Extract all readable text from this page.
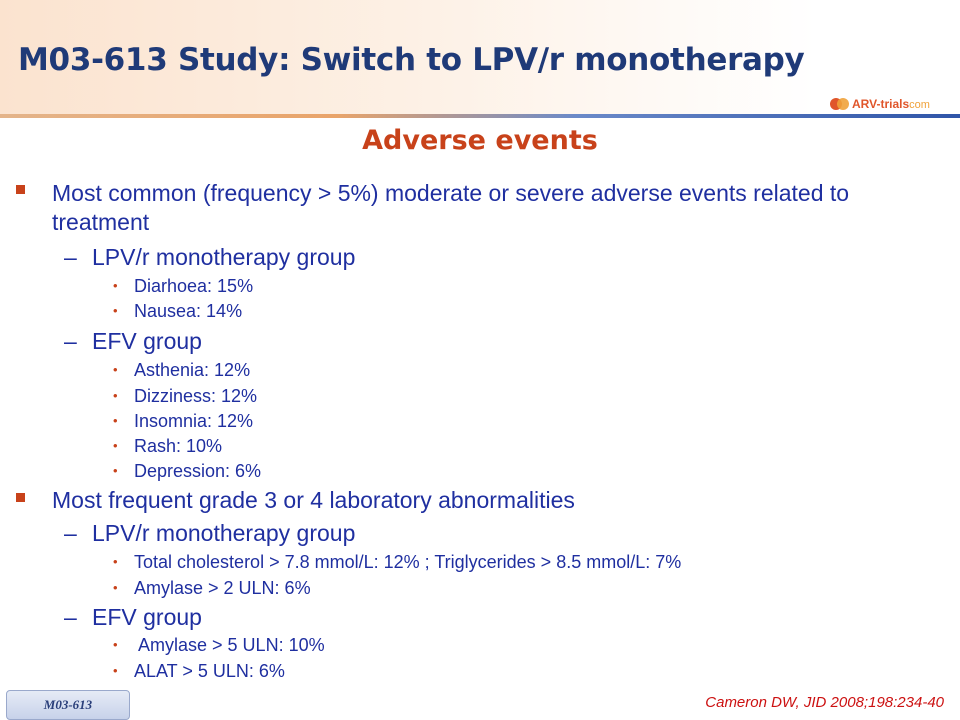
M03-613 Study: Switch to LPV/r monotherapy
ARV-trialscom
Adverse events
Most common (frequency > 5%) moderate or severe adverse events related to treatment
– LPV/r monotherapy group
• Diarhoea: 15%
• Nausea: 14%
– EFV group
• Asthenia: 12%
• Dizziness: 12%
• Insomnia: 12%
• Rash: 10%
• Depression: 6%
Most frequent grade 3 or 4 laboratory abnormalities
– LPV/r monotherapy group
• Total cholesterol > 7.8 mmol/L: 12% ; Triglycerides > 8.5 mmol/L: 7%
• Amylase > 2 ULN: 6%
– EFV group
• Amylase > 5 ULN: 10%
• ALAT > 5 ULN: 6%
M03-613	Cameron DW, JID 2008;198:234-40
